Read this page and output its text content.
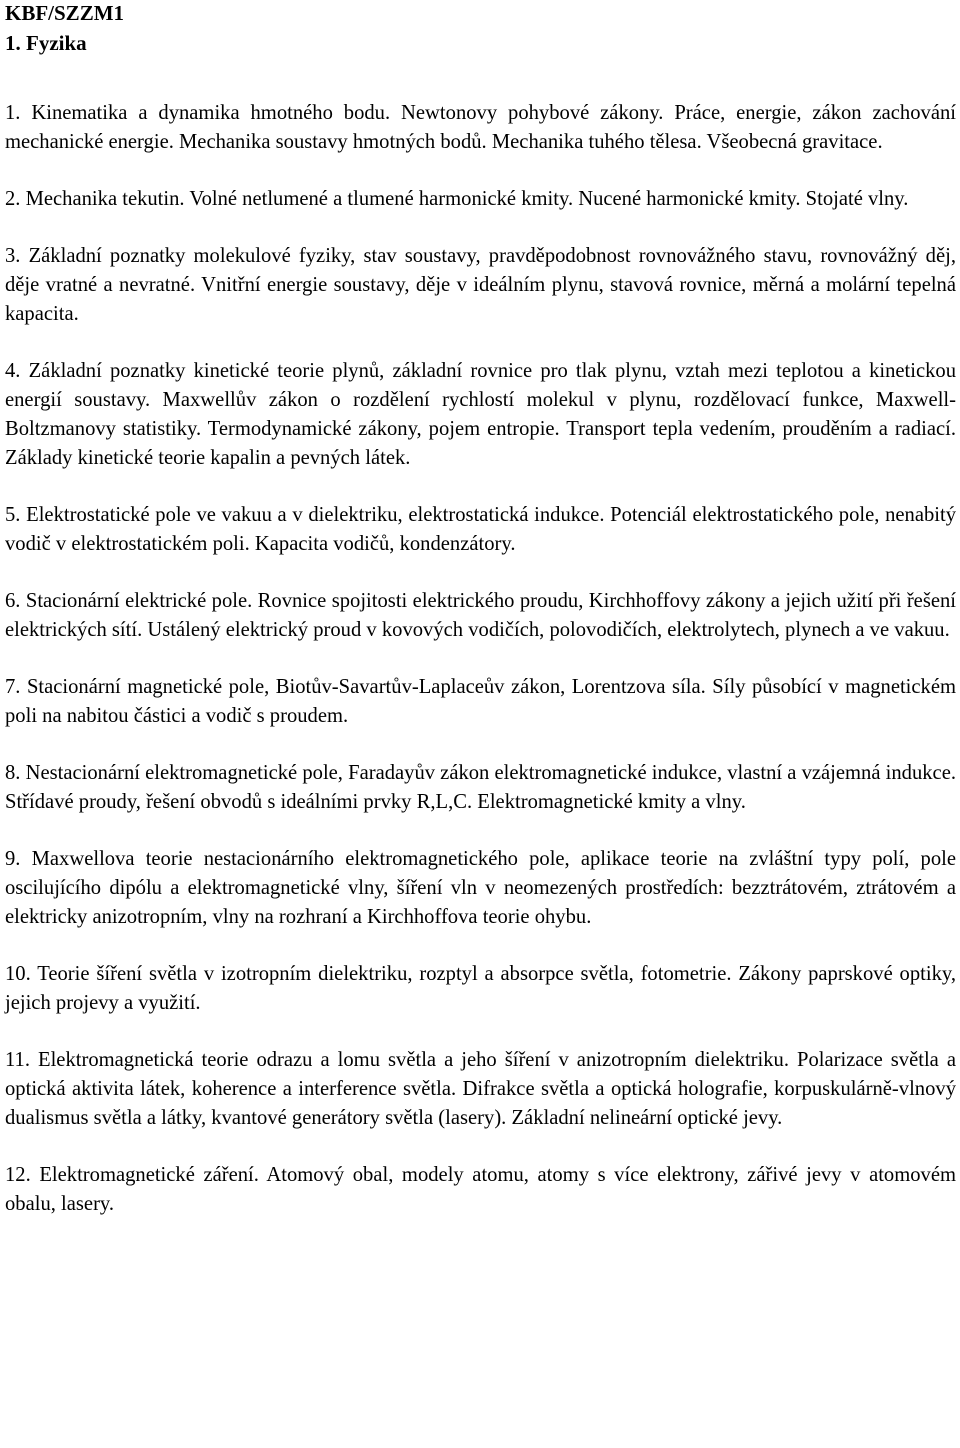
KBF/SZZM1
1. Fyzika

1. Kinematika a dynamika hmotného bodu. Newtonovy pohybové zákony. Práce, energie, zákon zachování mechanické energie. Mechanika soustavy hmotných bodů. Mechanika tuhého tělesa. Všeobecná gravitace.

2. Mechanika tekutin. Volné netlumené a tlumené harmonické kmity. Nucené harmonické kmity. Stojaté vlny.

3. Základní poznatky molekulové fyziky, stav soustavy, pravděpodobnost rovnovážného stavu, rovnovážný děj, děje vratné a nevratné. Vnitřní energie soustavy, děje v ideálním plynu, stavová rovnice, měrná a molární tepelná kapacita.

4. Základní poznatky kinetické teorie plynů, základní rovnice pro tlak plynu, vztah mezi teplotou a kinetickou energií soustavy. Maxwellův zákon o rozdělení rychlostí molekul v plynu, rozdělovací funkce, Maxwell-Boltzmanovy statistiky. Termodynamické zákony, pojem entropie. Transport tepla vedením, prouděním a radiací. Základy kinetické teorie kapalin a pevných látek.

5. Elektrostatické pole ve vakuu a v dielektriku, elektrostatická indukce. Potenciál elektrostatického pole, nenabitý vodič v elektrostatickém poli. Kapacita vodičů, kondenzátory.

6. Stacionární elektrické pole. Rovnice spojitosti elektrického proudu, Kirchhoffovy zákony a jejich užití při řešení elektrických sítí. Ustálený elektrický proud v kovových vodičích, polovodičích, elektrolytech, plynech a ve vakuu.

7. Stacionární magnetické pole, Biotův-Savartův-Laplaceův zákon, Lorentzova síla. Síly působící v magnetickém poli na nabitou částici a vodič s proudem.

8. Nestacionární elektromagnetické pole, Faradayův zákon elektromagnetické indukce, vlastní a vzájemná indukce. Střídavé proudy, řešení obvodů s ideálními prvky R,L,C. Elektromagnetické kmity a vlny.

9. Maxwellova teorie nestacionárního elektromagnetického pole, aplikace teorie na zvláštní typy polí, pole oscilujícího dipólu a elektromagnetické vlny, šíření vln v neomezených prostředích: bezztrátovém, ztrátovém a elektricky anizotropním, vlny na rozhraní a Kirchhoffova teorie ohybu.

10. Teorie šíření světla v izotropním dielektriku, rozptyl a absorpce světla, fotometrie. Zákony paprskové optiky, jejich projevy a využití.

11. Elektromagnetická teorie odrazu a lomu světla a jeho šíření v anizotropním dielektriku. Polarizace světla a optická aktivita látek, koherence a interference světla. Difrakce světla a optická holografie, korpuskulárně-vlnový dualismus světla a látky, kvantové generátory světla (lasery). Základní nelineární optické jevy.

12. Elektromagnetické záření. Atomový obal, modely atomu, atomy s více elektrony, zářivé jevy v atomovém obalu, lasery.
